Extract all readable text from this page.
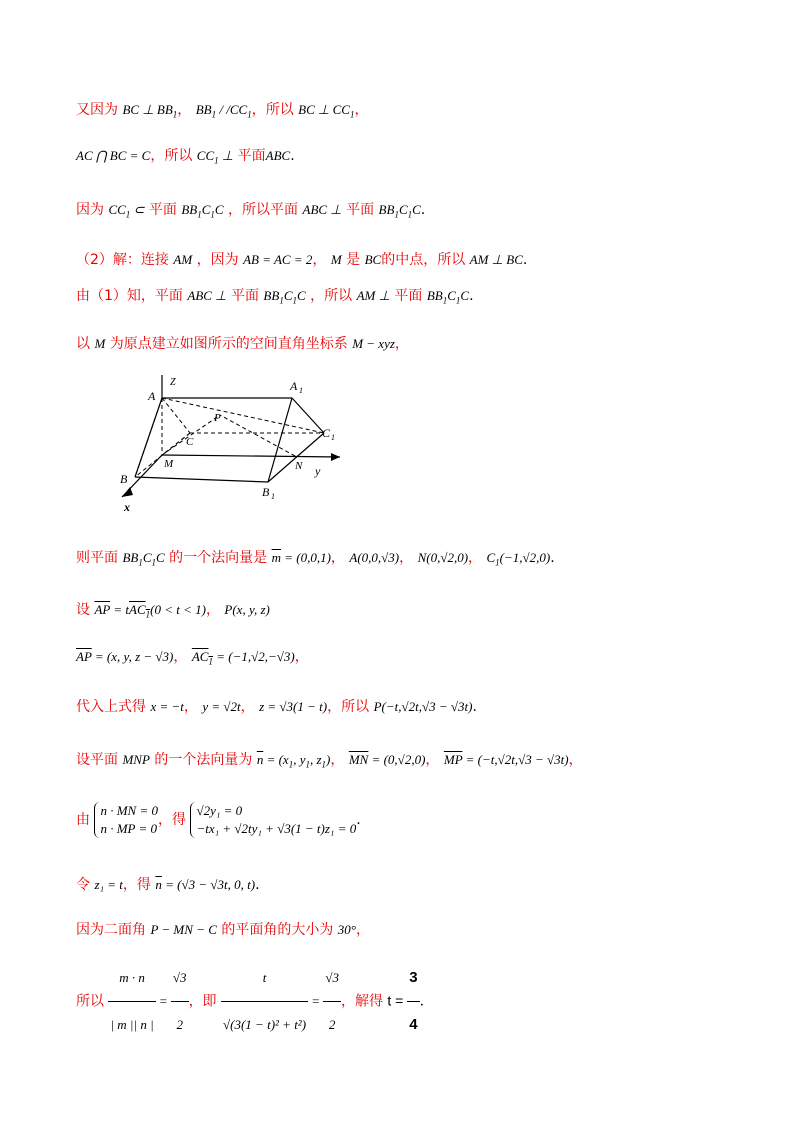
又因为 BC ⊥ $BB_1$， $BB_1 / /CC_1$，所以 BC ⊥ $CC_1$，
AC ⋂ BC = C，所以 $CC_1$ ⊥ 平面ABC.
因为 $CC_1$ ⊂ 平面 $BB_1C_1C$ ，所以平面 ABC ⊥ 平面 $BB_1C_1C$.
（2）解：连接 AM ，因为 AB = AC = 2， M 是 BC的中点，所以 AM ⊥ BC.
由（1）知，平面 ABC ⊥ 平面 $BB_1C_1C$ ，所以 AM ⊥ 平面 $BB_1C_1C$.
以 M 为原点建立如图所示的空间直角坐标系 M − xyz，
A
Z	A 1
P
C
C 1
M	N y
B
B 1
x
则平面 $BB_1C_1C$ 的一个法向量是 $\overline{m} = (0,0,1)$， A(0,0,√3)， N(0,√2,0)， $C_1(-1,√2,0)$.
设 $\overline{AP} = tAC_1(0 < t < 1)$， P(x, y, z)
$\overline{AP} = (x$, y, z − √3)， $AC_1 = (-1,√2,-√3)$，
代入上式得 x = −t， y = √2t， z = √3(1 − t)，所以 P(−t,√2t,√3 − √3t).
设平面 MNP 的一个法向量为 $\overline{n} = (x_1$, $y_1$, $z_1$)， $\overline{MN} = (0,√2,0)$， $\overline{MP} = (-t,√2t,√3 - √3t)$，
由
n · MN = 0
n · MP = 0
，得
√2y₁ = 0
−tx₁ + √2ty₁ + √3(1 − t)z₁ = 0
.
令 z₁ = t，得 $\overline{n} = (√3 - √3t$, 0, t).
因为二面角 P − MN − C 的平面角的大小为 30°，
所以 $\frac{m \cdot n}{| m || n |} = \frac{√3}{2}$ ，即 $\frac{t}{\text{√(3(1 − t)² + t²)}} = \frac{√3}{2}$ ，解得 $t = \frac{3}{4}$ .
